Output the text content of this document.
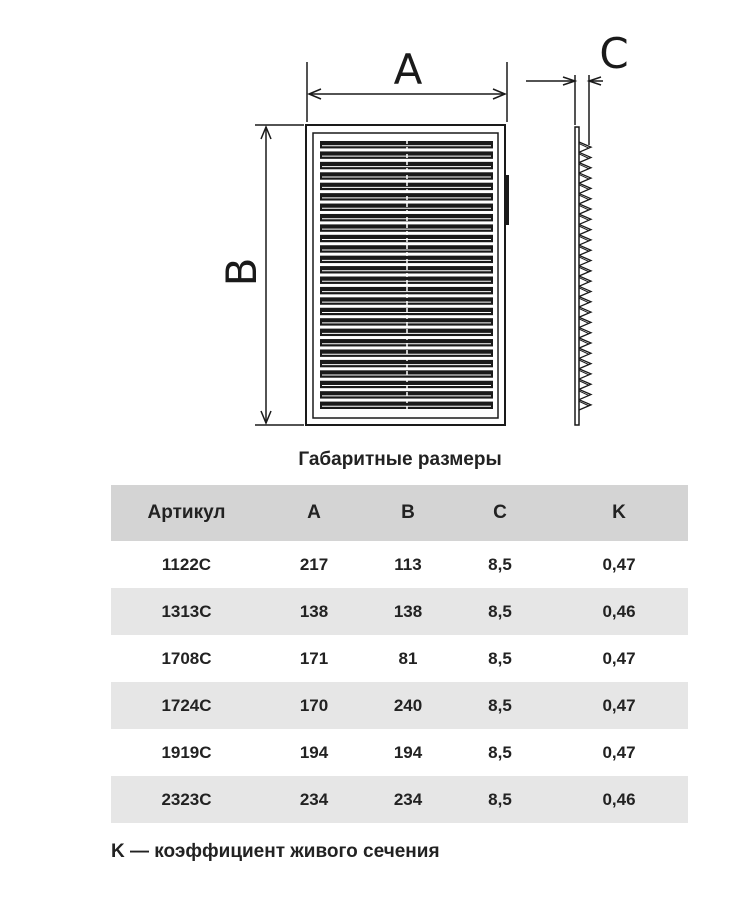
A
B
C
Габаритные размеры
Артикул	A	B	C	K
1122C	217	113	8,5	0,47
1313C	138	138	8,5	0,46
1708C	171	81	8,5	0,47
1724C	170	240	8,5	0,47
1919C	194	194	8,5	0,47
2323C	234	234	8,5	0,46
K — коэффициент живого сечения
